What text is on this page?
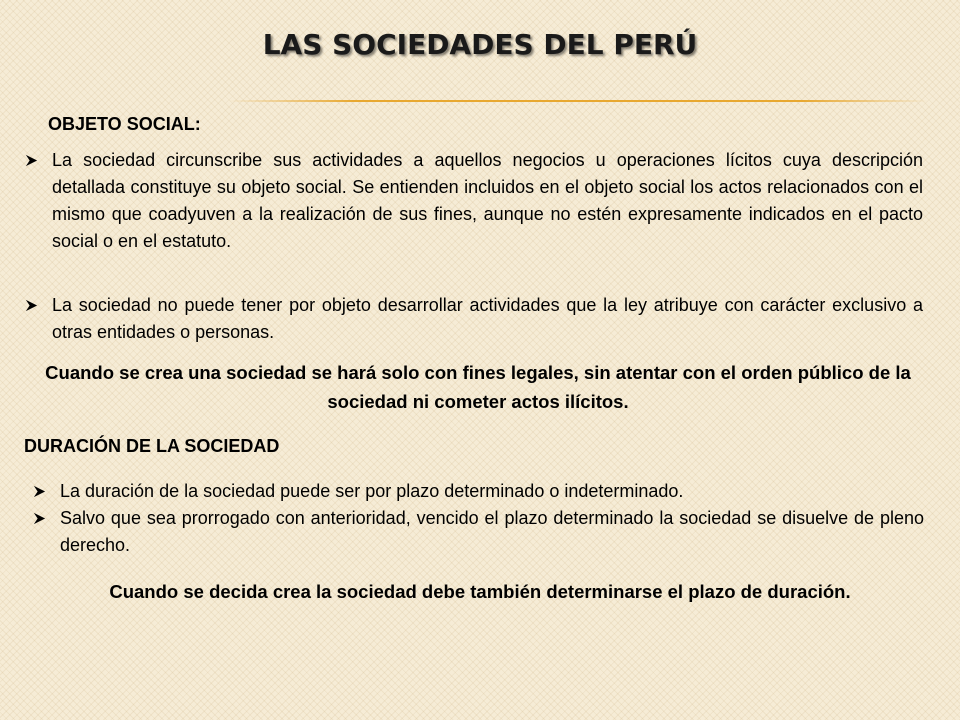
LAS SOCIEDADES DEL PERÚ
OBJETO SOCIAL:
La sociedad circunscribe sus actividades a aquellos negocios u operaciones lícitos cuya descripción detallada constituye su objeto social. Se entienden incluidos en el objeto social los actos relacionados con el mismo que coadyuven a la realización de sus fines, aunque no estén expresamente indicados en el pacto social o en el estatuto.
La sociedad no puede tener por objeto desarrollar actividades que la ley atribuye con carácter exclusivo a otras entidades o personas.
Cuando se crea una sociedad se hará solo con fines legales, sin atentar con el orden público de la sociedad ni cometer actos ilícitos.
DURACIÓN DE LA SOCIEDAD
La duración de la sociedad puede ser por plazo determinado o indeterminado.
Salvo que sea prorrogado con anterioridad, vencido el plazo determinado la sociedad se disuelve de pleno derecho.
Cuando se decida crea la sociedad debe también determinarse el plazo de duración.
